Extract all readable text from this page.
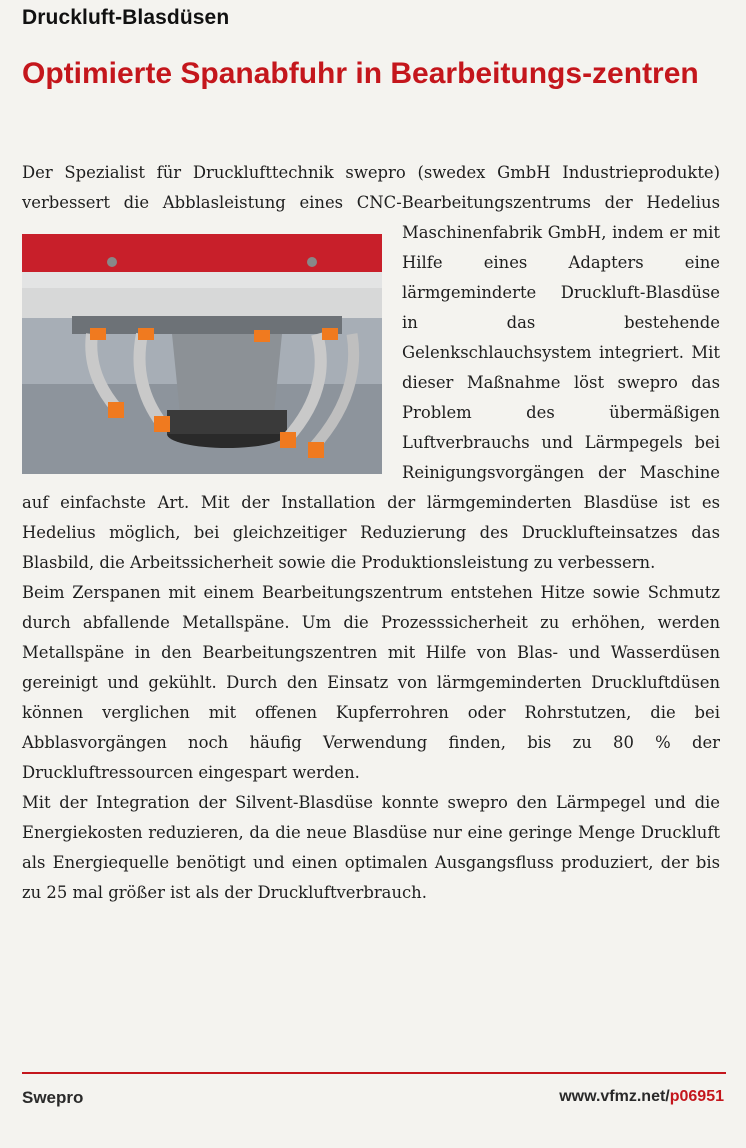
Druckluft-Blasdüsen
Optimierte Spanabfuhr in Bearbeitungs-zentren

Der Spezialist für Drucklufttechnik swepro (swedex GmbH Industrieprodukte) verbessert die Abblasleistung eines CNC-Bearbeitungszentrums der Hedelius Maschinenfabrik GmbH, indem er
mit Hilfe eines Adapters eine lärmgeminderte Druckluft-Blasdüse in das bestehende Gelenkschlauchsystem integriert. Mit dieser Maßnahme löst swepro das Problem des übermäßigen Luftverbrauchs und Lärmpegels bei Reinigungsvorgängen der Maschine auf einfachste Art. Mit der Installation der lärmgeminderten Blasdüse ist es Hedelius möglich, bei gleichzeitiger Reduzierung des Drucklufteinsatzes das Blasbild, die Arbeitssicherheit sowie die Produktionsleistung zu verbessern.

Beim Zerspanen mit einem Bearbeitungszentrum entstehen Hitze sowie Schmutz durch abfallende Metallspäne. Um die Prozesssicherheit zu erhöhen, werden Metallspäne in den Bearbeitungszentren mit Hilfe von Blas- und Wasserdüsen gereinigt und gekühlt. Durch den Einsatz von lärmgeminderten Druckluftdüsen können verglichen mit offenen Kupferrohren oder Rohrstutzen, die bei Abblasvorgängen noch häufig Verwendung finden, bis zu 80 % der Druckluftressourcen eingespart werden.

Mit der Integration der Silvent-Blasdüse konnte swepro den Lärmpegel und die Energiekosten reduzieren, da die neue Blasdüse nur eine geringe Menge Druckluft als Energiequelle benötigt und einen optimalen Ausgangsfluss produziert, der bis zu 25 mal größer ist als der Druckluftverbrauch.

Swepro	www.vfmz.net/p06951
